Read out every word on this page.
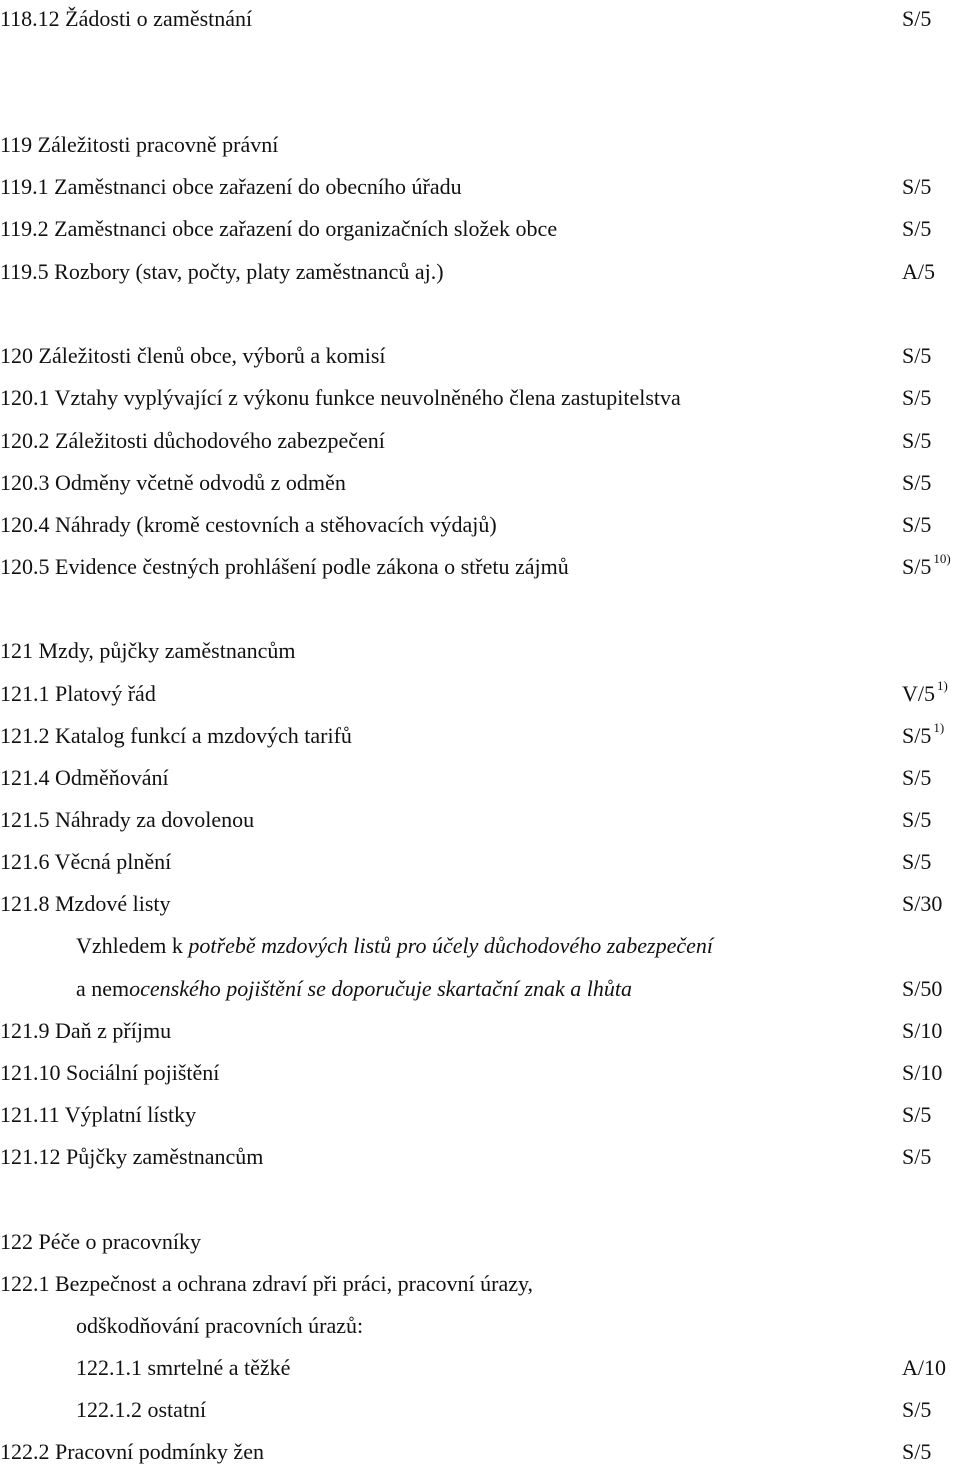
118.12 Žádosti o zaměstnání	S/5
119 Záležitosti pracovně právní
119.1 Zaměstnanci obce zařazení do obecního úřadu	S/5
119.2 Zaměstnanci obce zařazení do organizačních složek obce	S/5
119.5 Rozbory (stav, počty, platy zaměstnanců aj.)	A/5
120 Záležitosti členů obce, výborů a komisí	S/5
120.1 Vztahy vyplývající z výkonu funkce neuvolněného člena zastupitelstva	S/5
120.2 Záležitosti důchodového zabezpečení	S/5
120.3 Odměny včetně odvodů z odměn	S/5
120.4 Náhrady (kromě cestovních a stěhovacích výdajů)	S/5
120.5 Evidence čestných prohlášení podle zákona o střetu zájmů	S/5 $^{10)}$
121 Mzdy, půjčky zaměstnancům
121.1 Platový řád	V/5 $^{1)}$
121.2 Katalog funkcí a mzdových tarifů	S/5 $^{1)}$
121.4 Odměňování	S/5
121.5 Náhrady za dovolenou	S/5
121.6 Věcná plnění	S/5
121.8 Mzdové listy	S/30
Vzhledem k potřebě mzdových listů pro účely důchodového zabezpečení
a nemocenského pojištění se doporučuje skartační znak a lhůta	S/50
121.9 Daň z příjmu	S/10
121.10 Sociální pojištění	S/10
121.11 Výplatní lístky	S/5
121.12 Půjčky zaměstnancům	S/5
122 Péče o pracovníky
122.1 Bezpečnost a ochrana zdraví při práci, pracovní úrazy,
odškodňování pracovních úrazů:
122.1.1 smrtelné a těžké	A/10
122.1.2 ostatní	S/5
122.2 Pracovní podmínky žen	S/5
